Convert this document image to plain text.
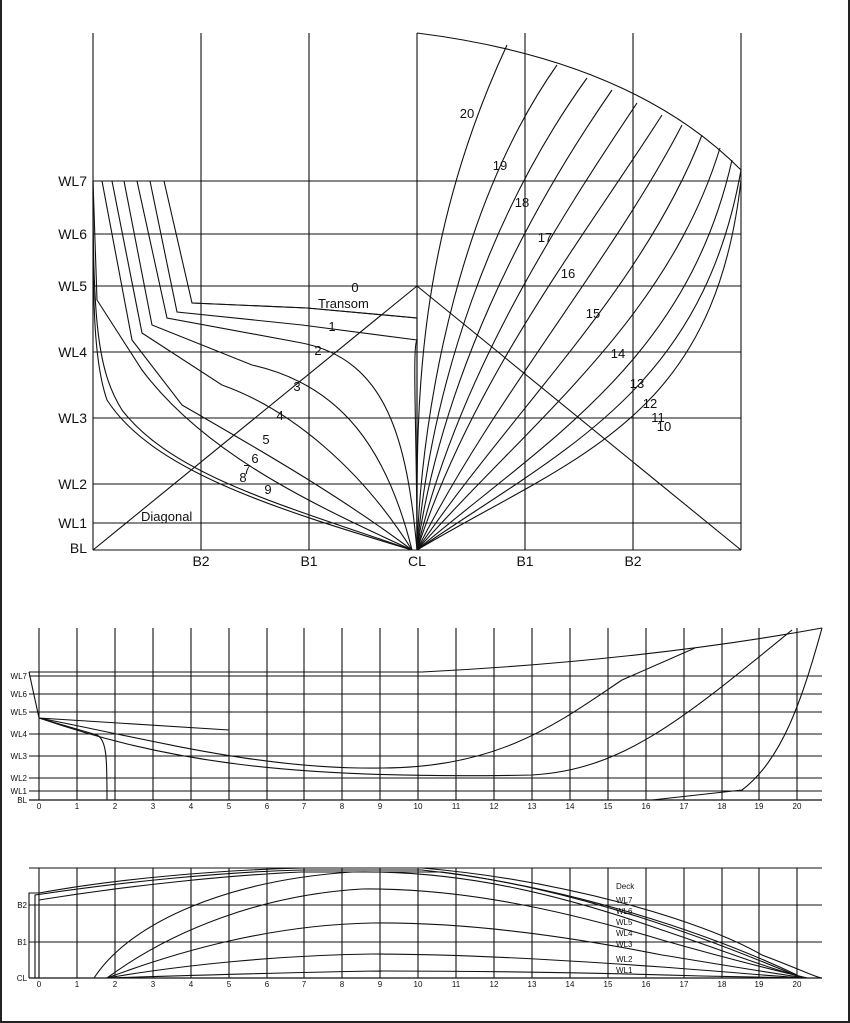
WL7
WL6
WL5
WL4
WL3
WL2
WL1
BL
B2	B1	CL	B1	B2
0
1
2
3
4
5
6
7
8
9
20
19
18
17
16
15
14
13
12
11
10
Transom
Diagonal
WL7
WL6
WL5
WL4
WL3
WL2
WL1
BL
0	1	2	3	4	5	6	7	8	9	10	11	12	13	14	15	16	17	18	19	20
B2
B1
CL
Deck
WL7
WL6
WL5
WL4
WL3
WL2
WL1
0	1	2	3	4	5	6	7	8	9	10	11	12	13	14	15	16	17	18	19	20
